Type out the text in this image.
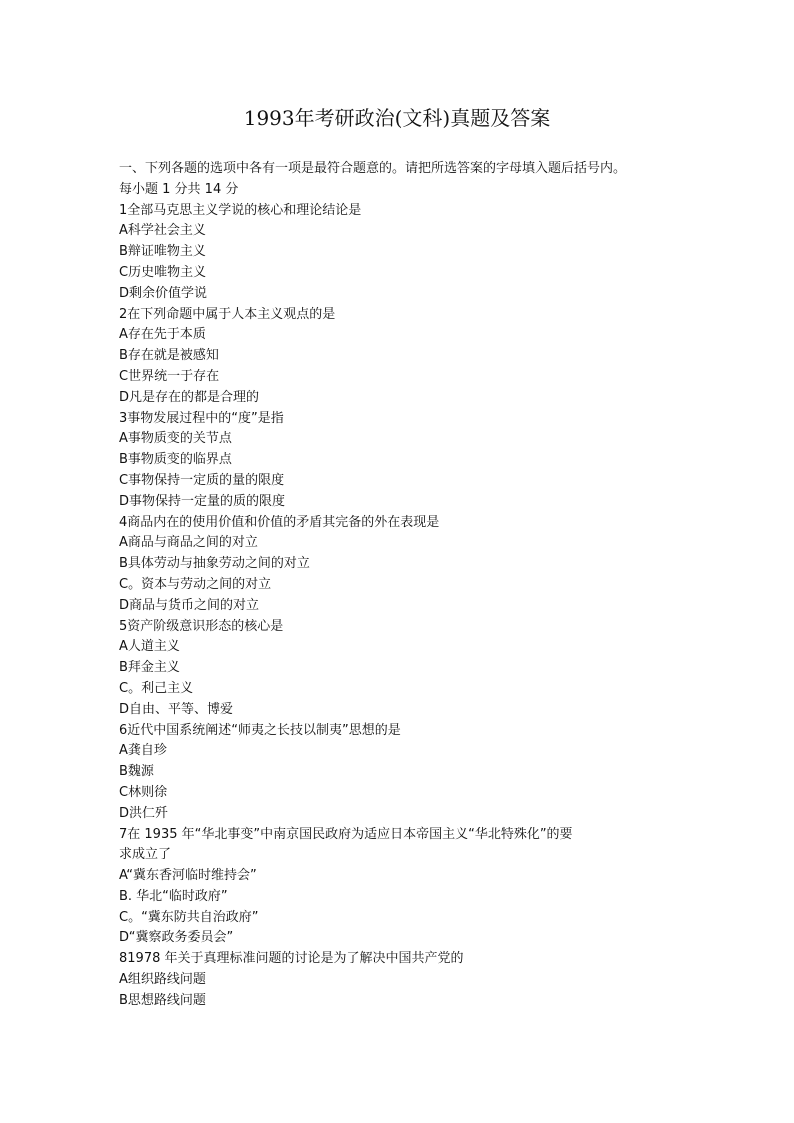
1993年考研政治(文科)真题及答案
一、下列各题的选项中各有一项是最符合题意的。请把所选答案的字母填入题后括号内。
每小题 1 分共 14 分
1全部马克思主义学说的核心和理论结论是
A科学社会主义
B辩证唯物主义
C历史唯物主义
D剩余价值学说
2在下列命题中属于人本主义观点的是
A存在先于本质
B存在就是被感知
C世界统一于存在
D凡是存在的都是合理的
3事物发展过程中的“度”是指
A事物质变的关节点
B事物质变的临界点
C事物保持一定质的量的限度
D事物保持一定量的质的限度
4商品内在的使用价值和价值的矛盾其完备的外在表现是
A商品与商品之间的对立
B具体劳动与抽象劳动之间的对立
C。资本与劳动之间的对立
D商品与货币之间的对立
5资产阶级意识形态的核心是
A人道主义
B拜金主义
C。利己主义
D自由、平等、博爱
6近代中国系统阐述“师夷之长技以制夷”思想的是
A龚自珍
B魏源
C林则徐
D洪仁歼
7在 1935 年“华北事变”中南京国民政府为适应日本帝国主义“华北特殊化”的要
求成立了
A“冀东香河临时维持会”
B. 华北“临时政府”
C。“冀东防共自治政府”
D“冀察政务委员会”
81978 年关于真理标准问题的讨论是为了解决中国共产党的
A组织路线问题
B思想路线问题
